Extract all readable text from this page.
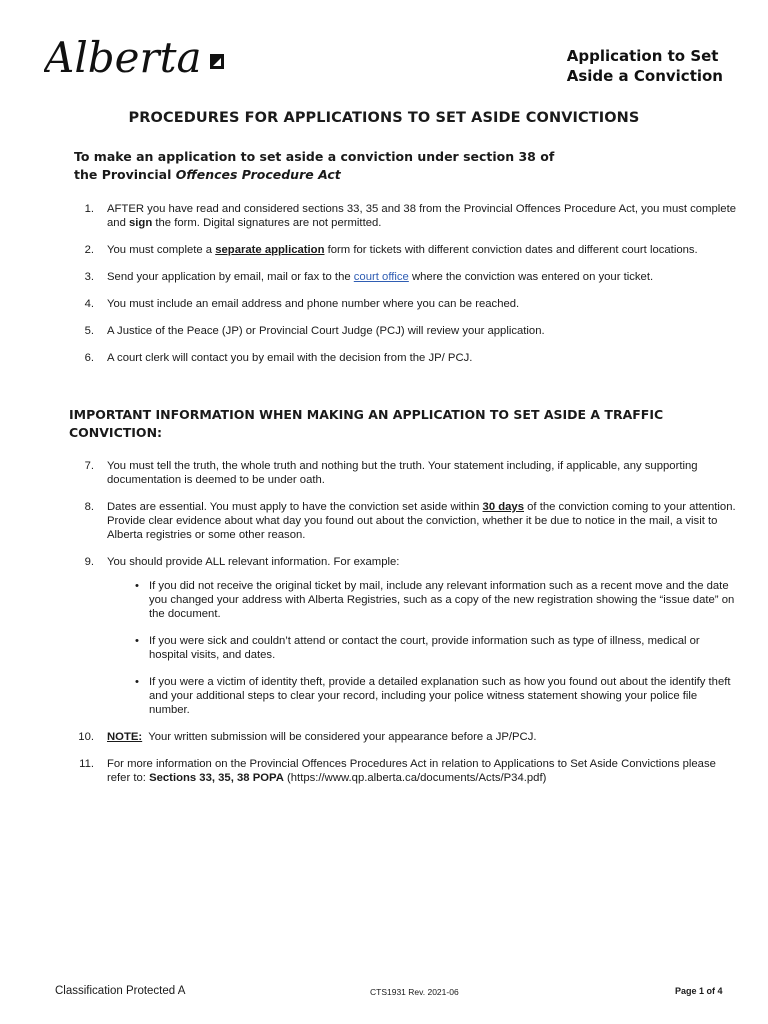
Alberta	Application to Set
Aside a Conviction
PROCEDURES FOR APPLICATIONS TO SET ASIDE CONVICTIONS
To make an application to set aside a conviction under section 38 of
the Provincial Offences Procedure Act
1. AFTER you have read and considered sections 33, 35 and 38 from the Provincial Offences Procedure Act, you must complete and sign the form. Digital signatures are not permitted.
2. You must complete a separate application form for tickets with different conviction dates and different court locations.
3. Send your application by email, mail or fax to the court office where the conviction was entered on your ticket.
4. You must include an email address and phone number where you can be reached.
5. A Justice of the Peace (JP) or Provincial Court Judge (PCJ) will review your application.
6. A court clerk will contact you by email with the decision from the JP/ PCJ.
IMPORTANT INFORMATION WHEN MAKING AN APPLICATION TO SET ASIDE A TRAFFIC CONVICTION:
7. You must tell the truth, the whole truth and nothing but the truth. Your statement including, if applicable, any supporting documentation is deemed to be under oath.
8. Dates are essential. You must apply to have the conviction set aside within 30 days of the conviction coming to your attention. Provide clear evidence about what day you found out about the conviction, whether it be due to notice in the mail, a visit to Alberta registries or some other reason.
9. You should provide ALL relevant information. For example:
• If you did not receive the original ticket by mail, include any relevant information such as a recent move and the date you changed your address with Alberta Registries, such as a copy of the new registration showing the “issue date” on the document.
• If you were sick and couldn’t attend or contact the court, provide information such as type of illness, medical or hospital visits, and dates.
• If you were a victim of identity theft, provide a detailed explanation such as how you found out about the identify theft and your additional steps to clear your record, including your police witness statement showing your police file number.
10. NOTE:  Your written submission will be considered your appearance before a JP/PCJ.
11. For more information on the Provincial Offences Procedures Act in relation to Applications to Set Aside Convictions please refer to: Sections 33, 35, 38 POPA (https://www.qp.alberta.ca/documents/Acts/P34.pdf)
Classification Protected A	CTS1931 Rev. 2021-06	Page 1 of 4
